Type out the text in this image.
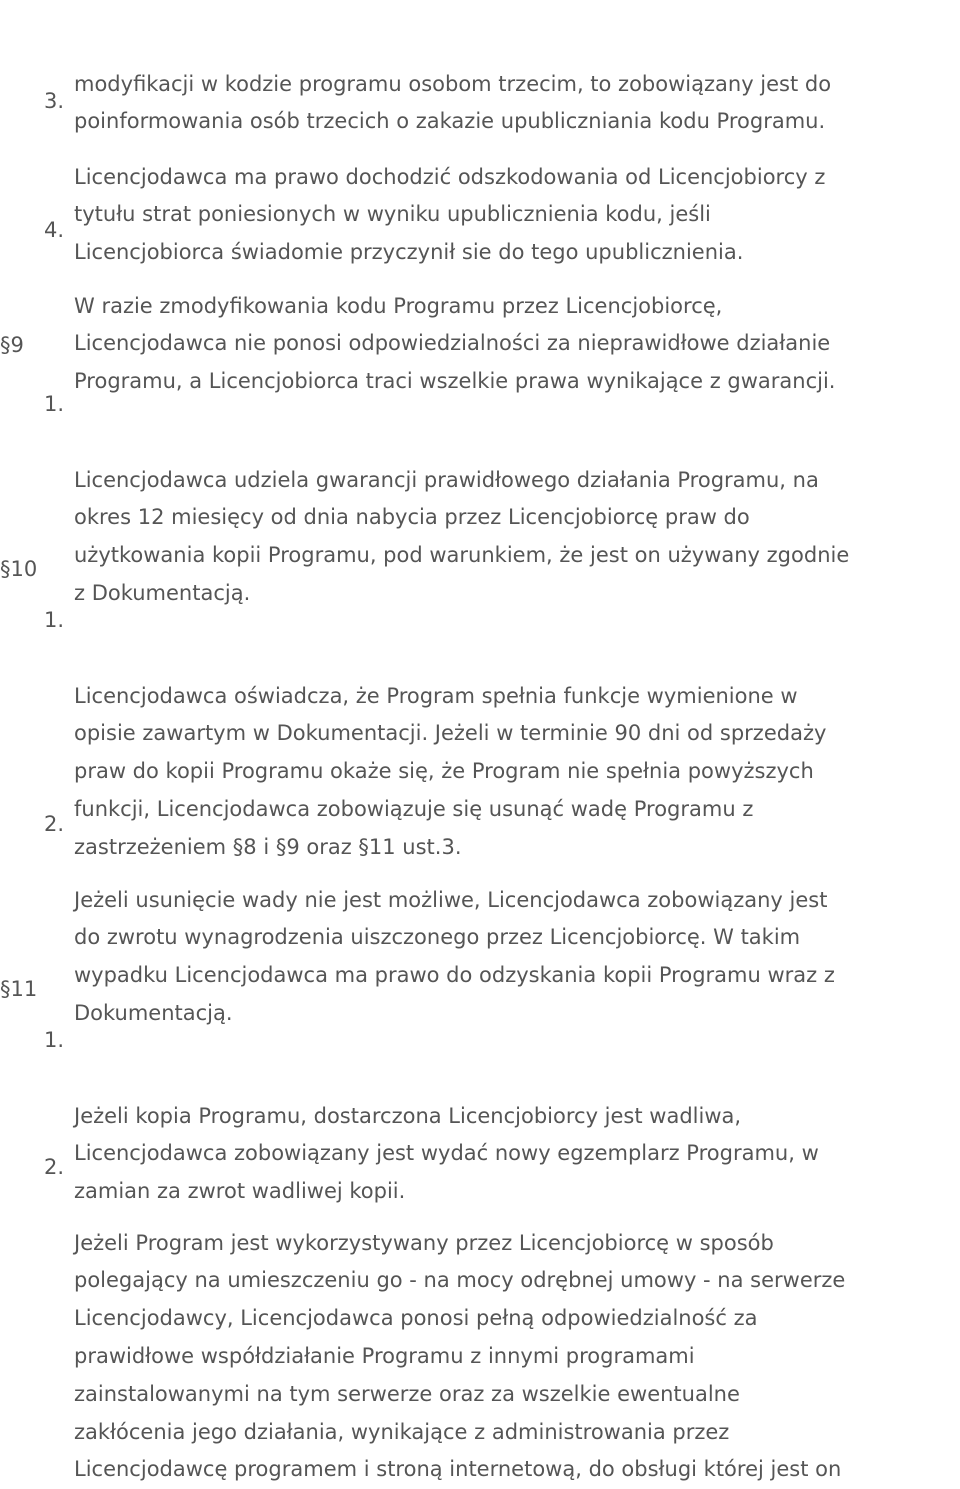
modyfikacji w kodzie programu osobom trzecim, to zobowiązany jest do
poinformowania osób trzecich o zakazie upubliczniania kodu Programu.

3.

Licencjodawca ma prawo dochodzić odszkodowania od Licencjobiorcy z
tytułu strat poniesionych w wyniku upublicznienia kodu, jeśli
Licencjobiorca świadomie przyczynił sie do tego upublicznienia.

4.

W razie zmodyfikowania kodu Programu przez Licencjobiorcę,
Licencjodawca nie ponosi odpowiedzialności za nieprawidłowe działanie
Programu, a Licencjobiorca traci wszelkie prawa wynikające z gwarancji.

§9

1.

Licencjodawca udziela gwarancji prawidłowego działania Programu, na
okres 12 miesięcy od dnia nabycia przez Licencjobiorcę praw do
użytkowania kopii Programu, pod warunkiem, że jest on używany zgodnie
z Dokumentacją.

§10

1.

Licencjodawca oświadcza, że Program spełnia funkcje wymienione w
opisie zawartym w Dokumentacji. Jeżeli w terminie 90 dni od sprzedaży
praw do kopii Programu okaże się, że Program nie spełnia powyższych
funkcji, Licencjodawca zobowiązuje się usunąć wadę Programu z
zastrzeżeniem §8 i §9 oraz §11 ust.3.

2.

Jeżeli usunięcie wady nie jest możliwe, Licencjodawca zobowiązany jest
do zwrotu wynagrodzenia uiszczonego przez Licencjobiorcę. W takim
wypadku Licencjodawca ma prawo do odzyskania kopii Programu wraz z
Dokumentacją.

§11

1.

Jeżeli kopia Programu, dostarczona Licencjobiorcy jest wadliwa,
Licencjodawca zobowiązany jest wydać nowy egzemplarz Programu, w
zamian za zwrot wadliwej kopii.

2.

Jeżeli Program jest wykorzystywany przez Licencjobiorcę w sposób
polegający na umieszczeniu go - na mocy odrębnej umowy - na serwerze
Licencjodawcy, Licencjodawca ponosi pełną odpowiedzialność za
prawidłowe współdziałanie Programu z innymi programami
zainstalowanymi na tym serwerze oraz za wszelkie ewentualne
zakłócenia jego działania, wynikające z administrowania przez
Licencjodawcę programem i stroną internetową, do obsługi której jest on
